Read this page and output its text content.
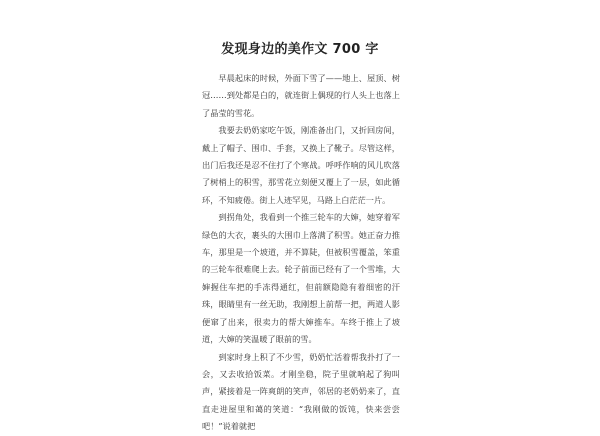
发现身边的美作文 700 字

早晨起床的时候，外面下雪了——地上、屋顶、树冠……到处都是白的，就连街上偶现的行人头上也落上了晶莹的雪花。

我要去奶奶家吃午饭，刚准备出门，又折回房间，戴上了帽子、围巾、手套，又换上了靴子。尽管这样，出门后我还是忍不住打了个寒战。呼呼作响的风儿吹落了树梢上的积雪，那雪花立刻便又覆上了一层，如此循环，不知疲倦。街上人迹罕见，马路上白茫茫一片。

到拐角处，我看到一个推三轮车的大婶，她穿着军绿色的大衣，裹头的大围巾上落满了积雪。她正奋力推车，那里是一个坡道，并不算陡，但被积雪覆盖，笨重的三轮车很难爬上去。轮子前面已经有了一个雪堆，大婶握住车把的手冻得通红，但前额隐隐有着细密的汗珠，眼睛里有一丝无助，我刚想上前帮一把，两道人影便窜了出来，很卖力的帮大婶推车。车终于推上了坡道，大婶的笑温暖了眼前的雪。

到家时身上积了不少雪，奶奶忙活着帮我扑打了一会，又去收拾饭菜。才刚坐稳，院子里就响起了狗叫声，紧接着是一阵爽朗的笑声，邻居的老奶奶来了，直直走进屋里和蔼的笑道：“我刚做的饭饨，快来尝尝吧！”说着就把
